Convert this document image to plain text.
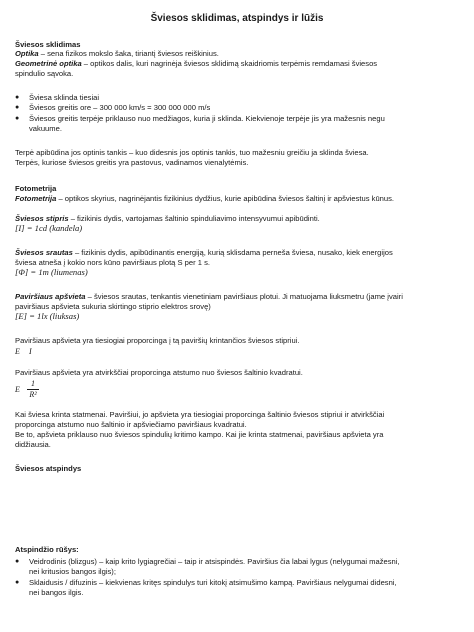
Šviesos sklidimas, atspindys ir lūžis
Šviesos sklidimas
Optika – sena fizikos mokslo šaka, tiriantį šviesos reiškinius.
Geometrinė optika – optikos dalis, kuri nagrinėja šviesos sklidimą skaidriomis terpėmis remdamasi šviesos
spindulio sąvoka.
● Šviesa sklinda tiesiai
● Šviesos greitis ore – 300 000 km/s = 300 000 000 m/s
● Šviesos greitis terpėje priklauso nuo medžiagos, kuria ji sklinda. Kiekvienoje terpėje jis yra mažesnis negu
vakuume.
Terpė apibūdina jos optinis tankis – kuo didesnis jos optinis tankis, tuo mažesniu greičiu ja sklinda šviesa.
Terpės, kuriose šviesos greitis yra pastovus, vadinamos vienalytėmis.
Fotometrija
Fotometrija – optikos skyrius, nagrinėjantis fizikinius dydžius, kurie apibūdina šviesos šaltinį ir apšviestus kūnus.
Šviesos stipris – fizikinis dydis, vartojamas šaltinio spinduliavimo intensyvumui apibūdinti.
[I] = 1cd (kandela)
Šviesos srautas – fizikinis dydis, apibūdinantis energiją, kurią sklisdama perneša šviesa, nusako, kiek energijos
šviesa atneša į kokio nors kūno paviršiaus plotą S per 1 s.
[Φ] = 1m (liumenas)
Paviršiaus apšvieta – šviesos srautas, tenkantis vienetiniam paviršiaus plotui. Ji matuojama liuksmetru (jame įvairi
paviršiaus apšvieta sukuria skirtingo stiprio elektros srovę)
[E] = 1lx (liuksas)
Paviršiaus apšvieta yra tiesiogiai proporcinga į tą paviršių krintančios šviesos stipriui.
E I
Paviršiaus apšvieta yra atvirkščiai proporcinga atstumo nuo šviesos šaltinio kvadratui.
E
1
R²
Kai šviesa krinta statmenai. Paviršiui, jo apšvieta yra tiesiogiai proporcinga šaltinio šviesos stipriui ir atvirkščiai
proporcinga atstumo nuo šaltinio ir apšviečiamo paviršiaus kvadratui.
Be to, apšvieta priklauso nuo šviesos spindulių kritimo kampo. Kai jie krinta statmenai, paviršiaus apšvieta yra
didžiausia.
Šviesos atspindys
Atspindžio rūšys:
● Veidrodinis (blizgus) – kaip krito lygiagrečiai – taip ir atsispindės. Paviršius čia labai lygus (nelygumai mažesni,
nei kritusios bangos ilgis);
● Sklaidusis / difuzinis – kiekvienas kritęs spindulys turi kitokį atsimušimo kampą. Paviršiaus nelygumai didesni,
nei bangos ilgis.
